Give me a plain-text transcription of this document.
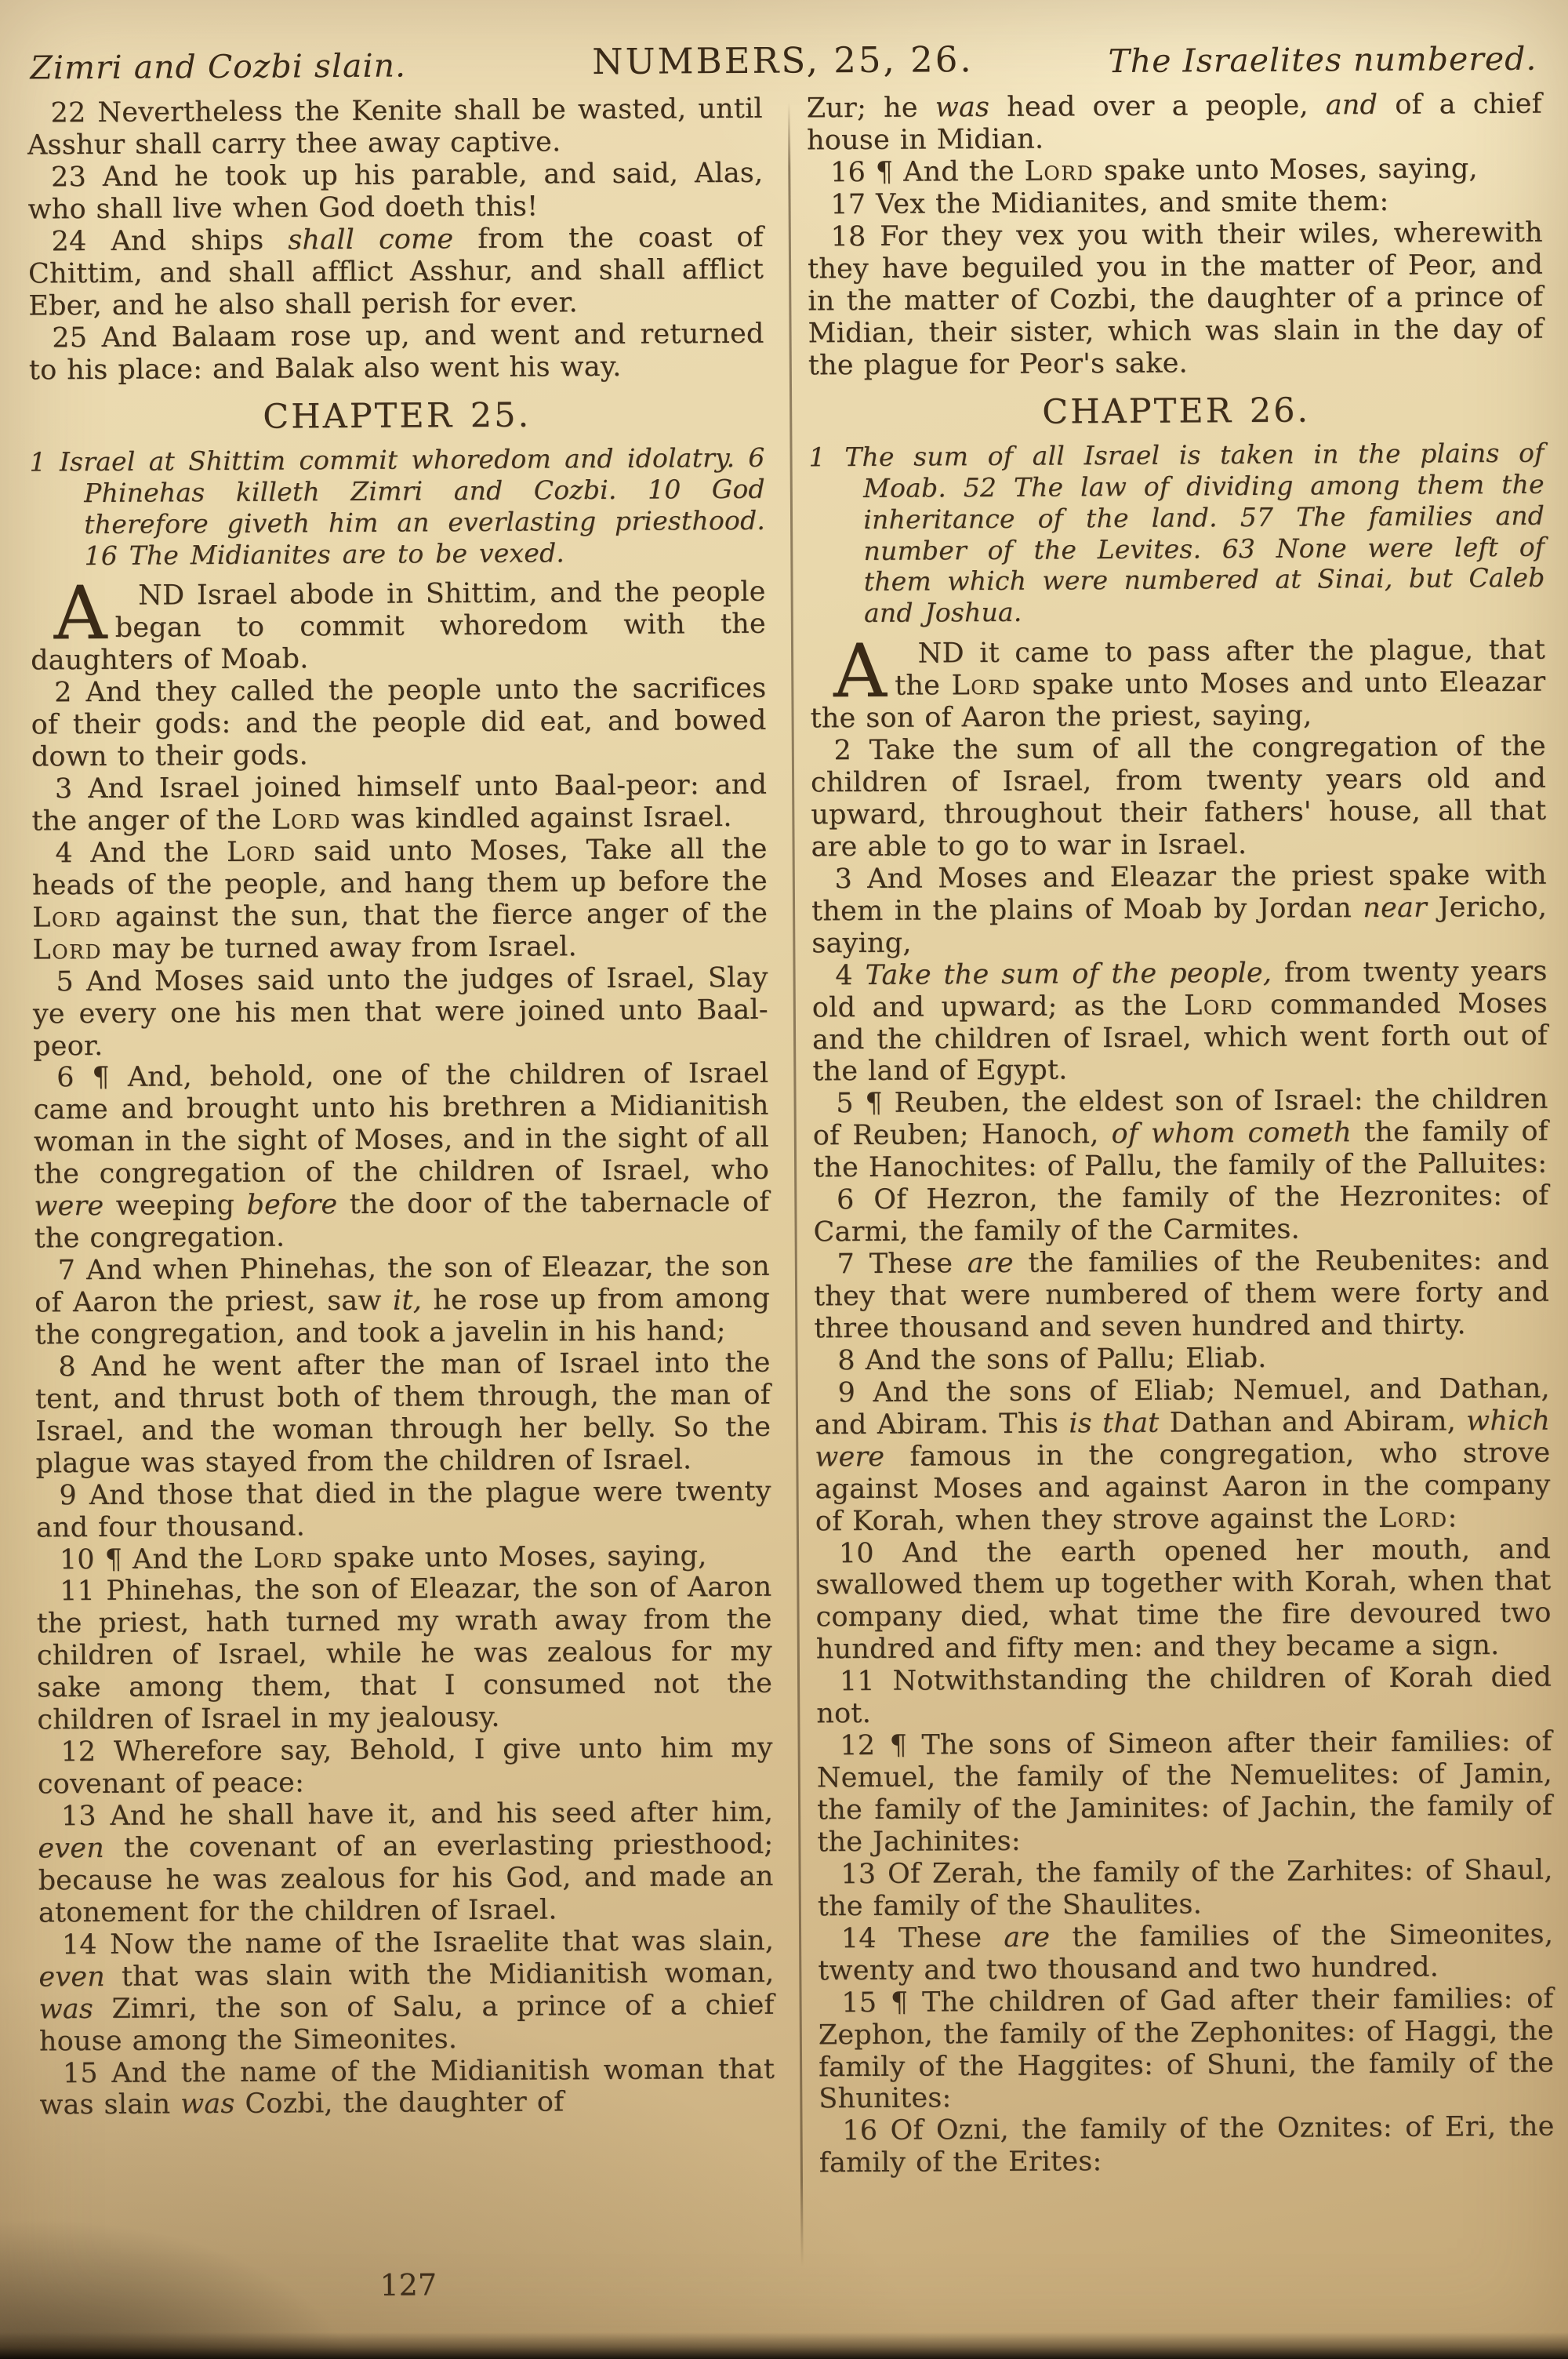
Zimri and Cozbi slain.	NUMBERS, 25, 26.	The Israelites numbered.

22 Nevertheless the Kenite shall be wasted, until Asshur shall carry thee away captive.

23 And he took up his parable, and said, Alas, who shall live when God doeth this!

24 And ships shall come from the coast of Chittim, and shall afflict Asshur, and shall afflict Eber, and he also shall perish for ever.

25 And Balaam rose up, and went and returned to his place: and Balak also went his way.

CHAPTER 25.

1 Israel at Shittim commit whoredom and idolatry. 6 Phinehas killeth Zimri and Cozbi. 10 God therefore giveth him an everlasting priesthood. 16 The Midianites are to be vexed.

A ND Israel abode in Shittim, and the people began to commit whoredom with the daughters of Moab.

2 And they called the people unto the sacrifices of their gods: and the people did eat, and bowed down to their gods.

3 And Israel joined himself unto Baal-peor: and the anger of the Lord was kindled against Israel.

4 And the Lord said unto Moses, Take all the heads of the people, and hang them up before the Lord against the sun, that the fierce anger of the Lord may be turned away from Israel.

5 And Moses said unto the judges of Israel, Slay ye every one his men that were joined unto Baal-peor.

6 ¶ And, behold, one of the children of Israel came and brought unto his brethren a Midianitish woman in the sight of Moses, and in the sight of all the congregation of the children of Israel, who were weeping before the door of the tabernacle of the congregation.

7 And when Phinehas, the son of Eleazar, the son of Aaron the priest, saw it, he rose up from among the congregation, and took a javelin in his hand;

8 And he went after the man of Israel into the tent, and thrust both of them through, the man of Israel, and the woman through her belly. So the plague was stayed from the children of Israel.

9 And those that died in the plague were twenty and four thousand.

10 ¶ And the Lord spake unto Moses, saying,

11 Phinehas, the son of Eleazar, the son of Aaron the priest, hath turned my wrath away from the children of Israel, while he was zealous for my sake among them, that I consumed not the children of Israel in my jealousy.

12 Wherefore say, Behold, I give unto him my covenant of peace:

13 And he shall have it, and his seed after him, even the covenant of an everlasting priesthood; because he was zealous for his God, and made an atonement for the children of Israel.

14 Now the name of the Israelite that was slain, even that was slain with the Midianitish woman, was Zimri, the son of Salu, a prince of a chief house among the Simeonites.

15 And the name of the Midianitish woman that was slain was Cozbi, the daughter of

Zur; he was head over a people, and of a chief house in Midian.

16 ¶ And the Lord spake unto Moses, saying,

17 Vex the Midianites, and smite them:

18 For they vex you with their wiles, wherewith they have beguiled you in the matter of Peor, and in the matter of Cozbi, the daughter of a prince of Midian, their sister, which was slain in the day of the plague for Peor's sake.

CHAPTER 26.

1 The sum of all Israel is taken in the plains of Moab. 52 The law of dividing among them the inheritance of the land. 57 The families and number of the Levites. 63 None were left of them which were numbered at Sinai, but Caleb and Joshua.

A ND it came to pass after the plague, that the Lord spake unto Moses and unto Eleazar the son of Aaron the priest, saying,

2 Take the sum of all the congregation of the children of Israel, from twenty years old and upward, throughout their fathers' house, all that are able to go to war in Israel.

3 And Moses and Eleazar the priest spake with them in the plains of Moab by Jordan near Jericho, saying,

4 Take the sum of the people, from twenty years old and upward; as the Lord commanded Moses and the children of Israel, which went forth out of the land of Egypt.

5 ¶ Reuben, the eldest son of Israel: the children of Reuben; Hanoch, of whom cometh the family of the Hanochites: of Pallu, the family of the Palluites:

6 Of Hezron, the family of the Hezronites: of Carmi, the family of the Carmites.

7 These are the families of the Reubenites: and they that were numbered of them were forty and three thousand and seven hundred and thirty.

8 And the sons of Pallu; Eliab.

9 And the sons of Eliab; Nemuel, and Dathan, and Abiram. This is that Dathan and Abiram, which were famous in the congregation, who strove against Moses and against Aaron in the company of Korah, when they strove against the Lord:

10 And the earth opened her mouth, and swallowed them up together with Korah, when that company died, what time the fire devoured two hundred and fifty men: and they became a sign.

11 Notwithstanding the children of Korah died not.

12 ¶ The sons of Simeon after their families: of Nemuel, the family of the Nemuelites: of Jamin, the family of the Jaminites: of Jachin, the family of the Jachinites:

13 Of Zerah, the family of the Zarhites: of Shaul, the family of the Shaulites.

14 These are the families of the Simeonites, twenty and two thousand and two hundred.

15 ¶ The children of Gad after their families: of Zephon, the family of the Zephonites: of Haggi, the family of the Haggites: of Shuni, the family of the Shunites:

16 Of Ozni, the family of the Oznites: of Eri, the family of the Erites:

127
